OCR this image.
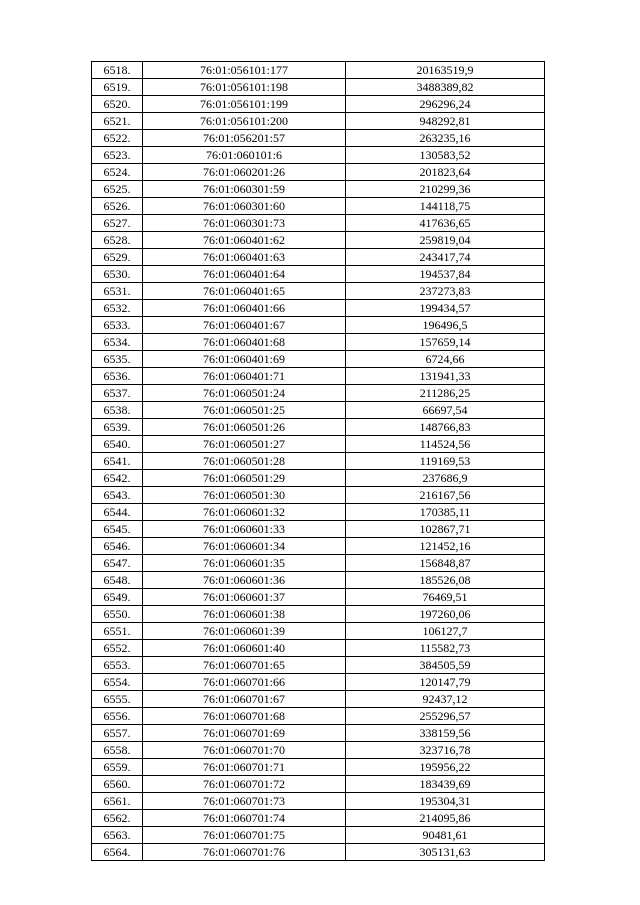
6518.	76:01:056101:177	20163519,9
6519.	76:01:056101:198	3488389,82
6520.	76:01:056101:199	296296,24
6521.	76:01:056101:200	948292,81
6522.	76:01:056201:57	263235,16
6523.	76:01:060101:6	130583,52
6524.	76:01:060201:26	201823,64
6525.	76:01:060301:59	210299,36
6526.	76:01:060301:60	144118,75
6527.	76:01:060301:73	417636,65
6528.	76:01:060401:62	259819,04
6529.	76:01:060401:63	243417,74
6530.	76:01:060401:64	194537,84
6531.	76:01:060401:65	237273,83
6532.	76:01:060401:66	199434,57
6533.	76:01:060401:67	196496,5
6534.	76:01:060401:68	157659,14
6535.	76:01:060401:69	6724,66
6536.	76:01:060401:71	131941,33
6537.	76:01:060501:24	211286,25
6538.	76:01:060501:25	66697,54
6539.	76:01:060501:26	148766,83
6540.	76:01:060501:27	114524,56
6541.	76:01:060501:28	119169,53
6542.	76:01:060501:29	237686,9
6543.	76:01:060501:30	216167,56
6544.	76:01:060601:32	170385,11
6545.	76:01:060601:33	102867,71
6546.	76:01:060601:34	121452,16
6547.	76:01:060601:35	156848,87
6548.	76:01:060601:36	185526,08
6549.	76:01:060601:37	76469,51
6550.	76:01:060601:38	197260,06
6551.	76:01:060601:39	106127,7
6552.	76:01:060601:40	115582,73
6553.	76:01:060701:65	384505,59
6554.	76:01:060701:66	120147,79
6555.	76:01:060701:67	92437,12
6556.	76:01:060701:68	255296,57
6557.	76:01:060701:69	338159,56
6558.	76:01:060701:70	323716,78
6559.	76:01:060701:71	195956,22
6560.	76:01:060701:72	183439,69
6561.	76:01:060701:73	195304,31
6562.	76:01:060701:74	214095,86
6563.	76:01:060701:75	90481,61
6564.	76:01:060701:76	305131,63
